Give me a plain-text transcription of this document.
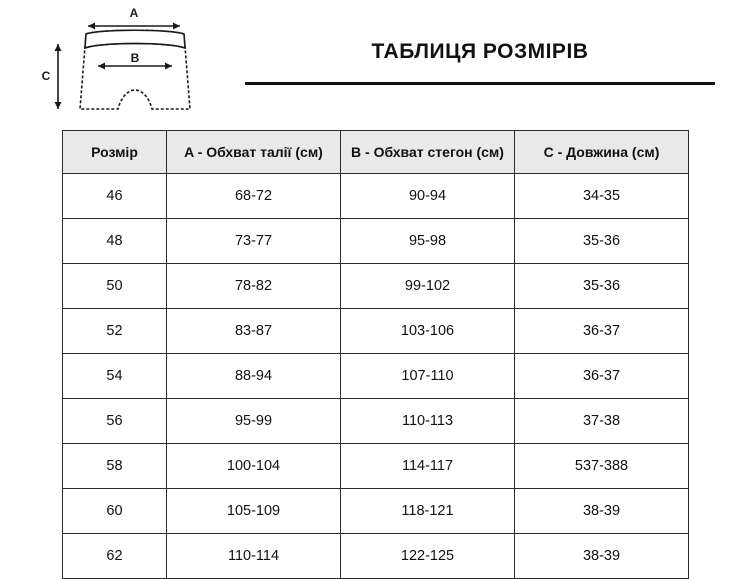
A
C
B	ТАБЛИЦЯ РОЗМІРІВ
Розмір	A - Обхват талії (см)	B - Обхват стегон (см)	C - Довжина (см)
46	68-72	90-94	34-35
48	73-77	95-98	35-36
50	78-82	99-102	35-36
52	83-87	103-106	36-37
54	88-94	107-110	36-37
56	95-99	110-113	37-38
58	100-104	114-117	537-388
60	105-109	118-121	38-39
62	110-114	122-125	38-39
